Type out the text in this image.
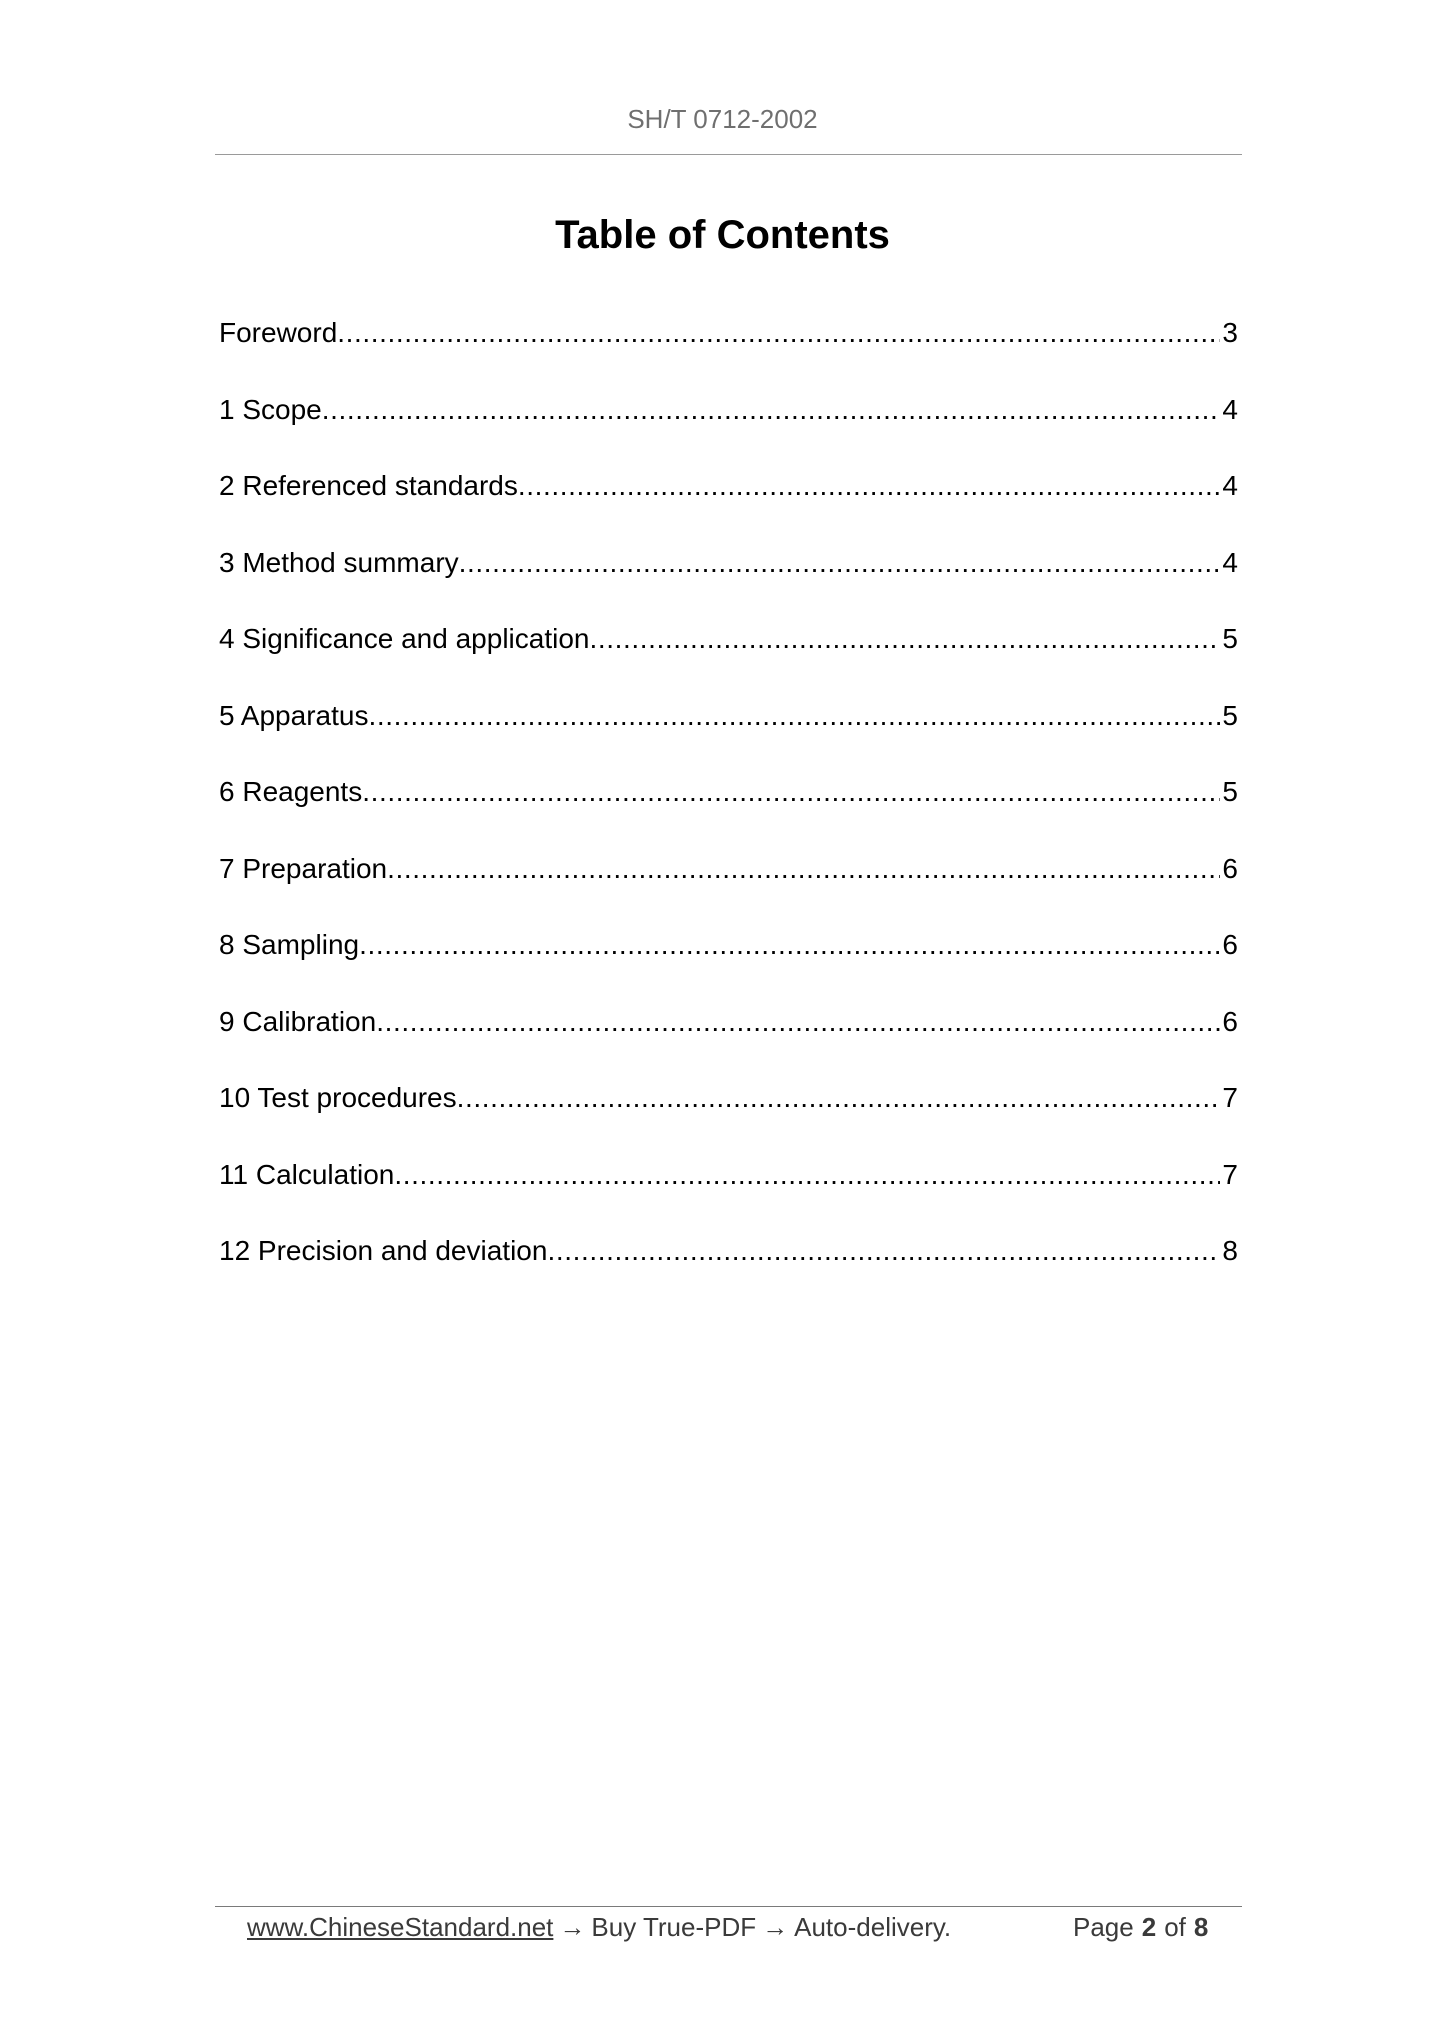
SH/T 0712-2002
Table of Contents
Foreword .....	3
1 Scope .....	4
2 Referenced standards .....	4
3 Method summary .....	4
4 Significance and application .....	5
5 Apparatus .....	5
6 Reagents .....	5
7 Preparation .....	6
8 Sampling .....	6
9 Calibration .....	6
10 Test procedures .....	7
11 Calculation .....	7
12 Precision and deviation .....	8
www.ChineseStandard.net → Buy True-PDF → Auto-delivery.	Page 2 of 8
